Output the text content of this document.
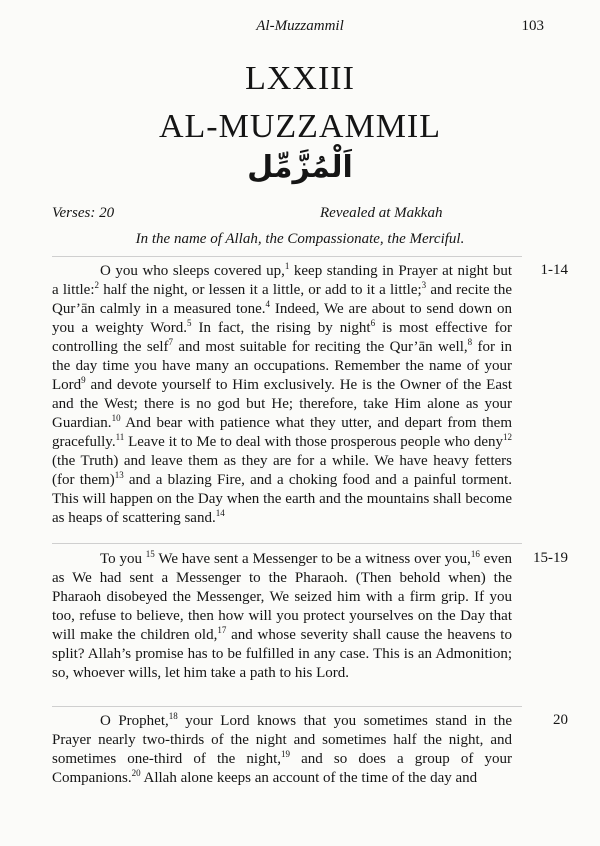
Al-Muzzammil	103
LXXIII
AL-MUZZAMMIL
اَلْمُزَّمِّل
Verses: 20	Revealed at Makkah
In the name of Allah, the Compassionate, the Merciful.

O you who sleeps covered up,$^1$ keep standing in Prayer at night but a little:$^2$ half the night, or lessen it a little, or add to it a little;$^3$ and recite the Qur’ān calmly in a measured tone.$^4$ Indeed, We are about to send down on you a weighty Word.$^5$ In fact, the rising by night$^6$ is most effective for controlling the self$^7$ and most suitable for reciting the Qur’ān well,$^8$ for in the day time you have many an occupations. Remember the name of your Lord$^9$ and devote yourself to Him exclusively. He is the Owner of the East and the West; there is no god but He; therefore, take Him alone as your Guardian.$^{10}$ And bear with patience what they utter, and depart from them gracefully.$^{11}$ Leave it to Me to deal with those prosperous people who deny$^{12}$ (the Truth) and leave them as they are for a while. We have heavy fetters (for them)$^{13}$ and a blazing Fire, and a choking food and a painful torment. This will happen on the Day when the earth and the mountains shall become as heaps of scattering sand.$^{14}$

1-14

To you $^{15}$ We have sent a Messenger to be a witness over you,$^{16}$ even as We had sent a Messenger to the Pharaoh. (Then behold when) the Pharaoh disobeyed the Messenger, We seized him with a firm grip. If you too, refuse to believe, then how will you protect yourselves on the Day that will make the children old,$^{17}$ and whose severity shall cause the heavens to split? Allah’s promise has to be fulfilled in any case. This is an Admonition; so, whoever wills, let him take a path to his Lord.

15-19

O Prophet,$^{18}$ your Lord knows that you sometimes stand in the Prayer nearly two-thirds of the night and sometimes half the night, and sometimes one-third of the night,$^{19}$ and so does a group of your Companions.$^{20}$ Allah alone keeps an account of the time of the day and

20
